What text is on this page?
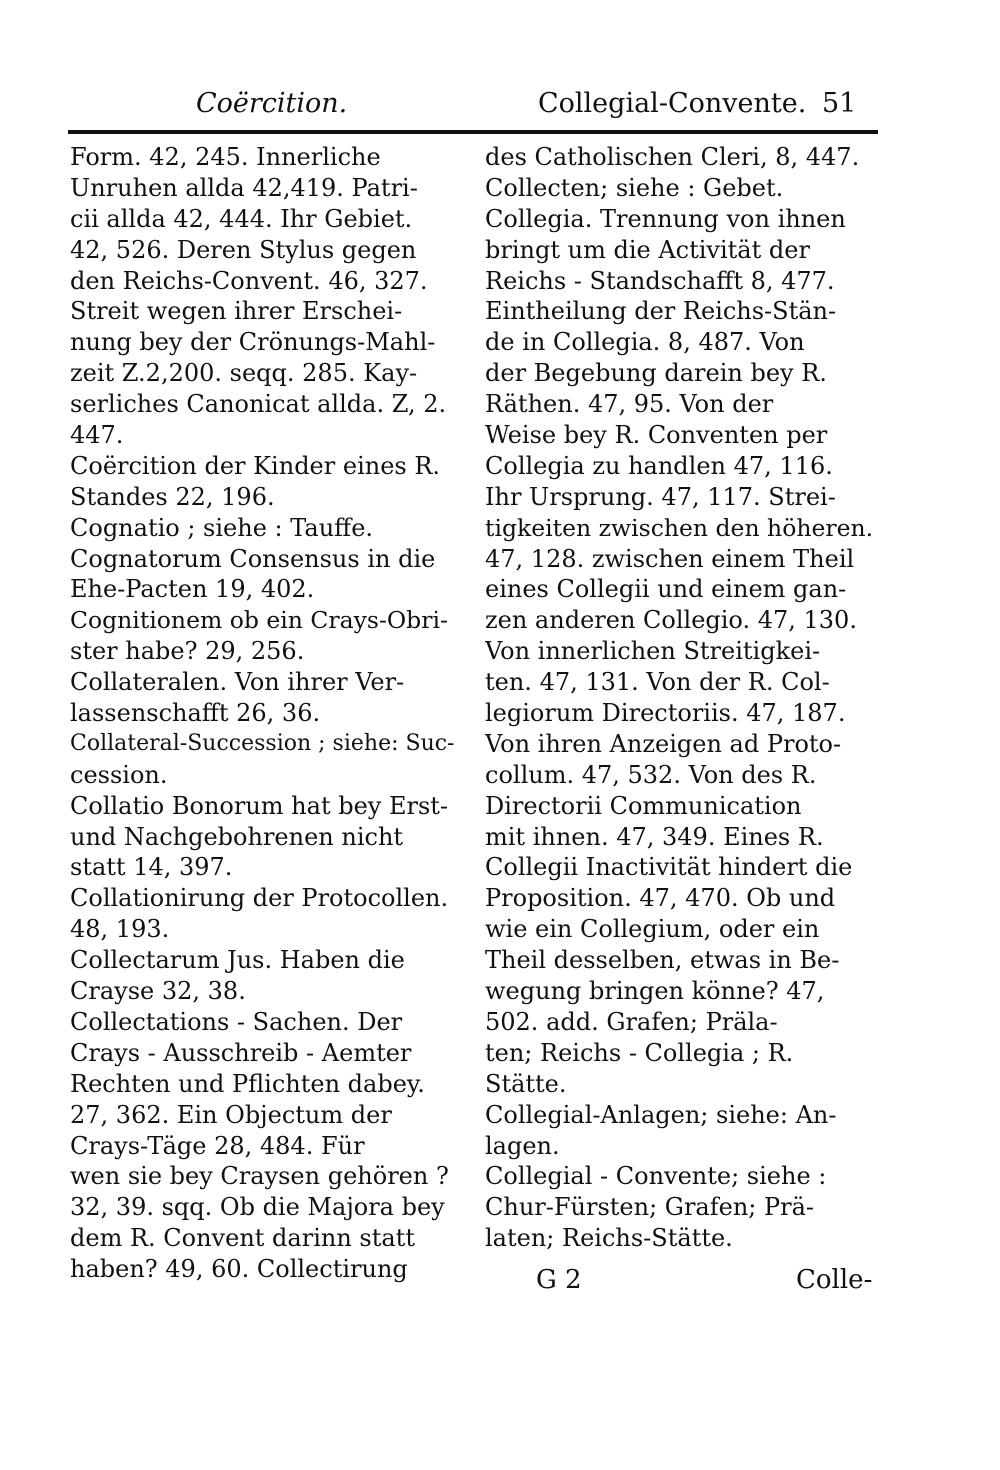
Coërcition.	Collegial-Convente. 51
Form. 42, 245. Innerliche
Unruhen allda 42,419. Patri-
cii allda 42, 444. Ihr Gebiet.
42, 526. Deren Stylus gegen
den Reichs-Convent. 46, 327.
Streit wegen ihrer Erschei-
nung bey der Crönungs-Mahl-
zeit Z.2,200. seqq. 285. Kay-
serliches Canonicat allda. Z, 2.
447.
Coërcition der Kinder eines R.
Standes 22, 196.
Cognatio ; siehe : Tauffe.
Cognatorum Consensus in die
Ehe-Pacten 19, 402.
Cognitionem ob ein Crays-Obri-
ster habe? 29, 256.
Collateralen. Von ihrer Ver-
lassenschafft 26, 36.
Collateral-Succession ; siehe: Suc-
cession.
Collatio Bonorum hat bey Erst-
und Nachgebohrenen nicht
statt 14, 397.
Collationirung der Protocollen.
48, 193.
Collectarum Jus. Haben die
Crayse 32, 38.
Collectations - Sachen. Der
Crays - Ausschreib - Aemter
Rechten und Pflichten dabey.
27, 362. Ein Objectum der
Crays-Täge 28, 484. Für
wen sie bey Craysen gehören ?
32, 39. sqq. Ob die Majora bey
dem R. Convent darinn statt
haben? 49, 60. Collectirung
des Catholischen Cleri, 8, 447.
Collecten; siehe : Gebet.
Collegia. Trennung von ihnen
bringt um die Activität der
Reichs - Standschafft 8, 477.
Eintheilung der Reichs-Stän-
de in Collegia. 8, 487. Von
der Begebung darein bey R.
Räthen. 47, 95. Von der
Weise bey R. Conventen per
Collegia zu handlen 47, 116.
Ihr Ursprung. 47, 117. Strei-
tigkeiten zwischen den höheren.
47, 128. zwischen einem Theil
eines Collegii und einem gan-
zen anderen Collegio. 47, 130.
Von innerlichen Streitigkei-
ten. 47, 131. Von der R. Col-
legiorum Directoriis. 47, 187.
Von ihren Anzeigen ad Proto-
collum. 47, 532. Von des R.
Directorii Communication
mit ihnen. 47, 349. Eines R.
Collegii Inactivität hindert die
Proposition. 47, 470. Ob und
wie ein Collegium, oder ein
Theil desselben, etwas in Be-
wegung bringen könne? 47,
502. add. Grafen; Präla-
ten; Reichs - Collegia ; R.
Stätte.
Collegial-Anlagen; siehe: An-
lagen.
Collegial - Convente; siehe :
Chur-Fürsten; Grafen; Prä-
laten; Reichs-Stätte.
G 2	Colle-
